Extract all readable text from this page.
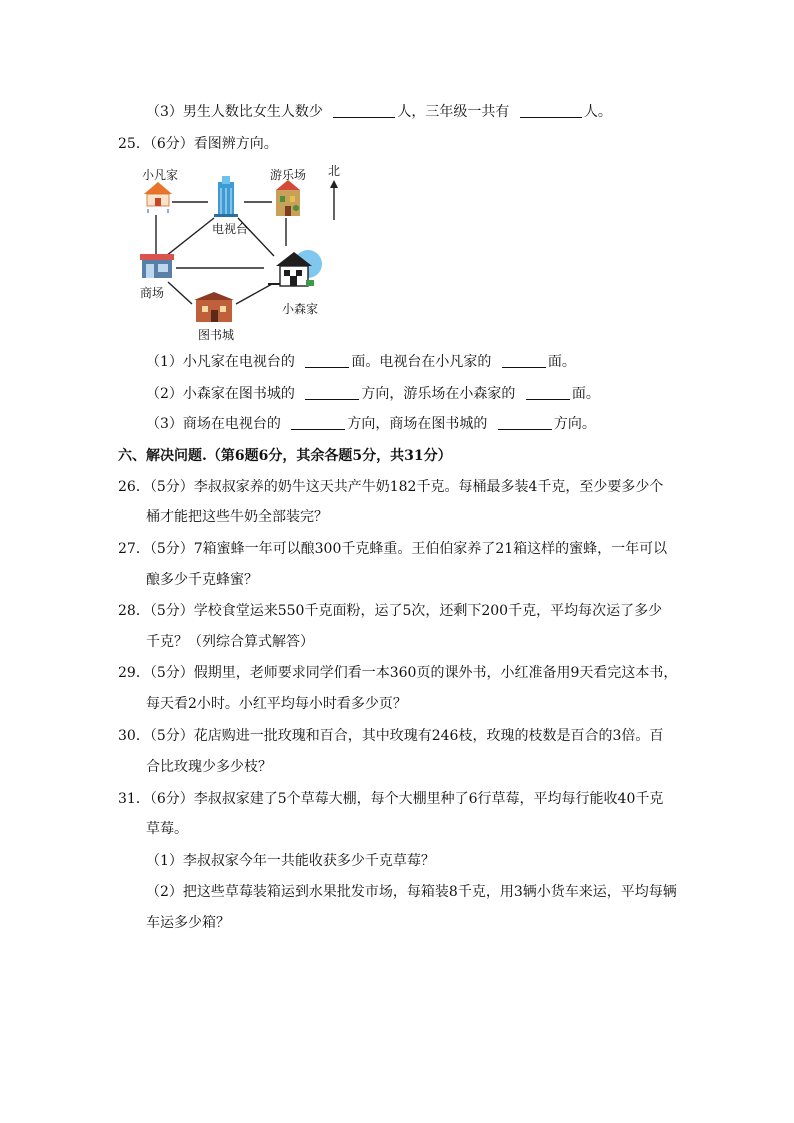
（3）男生人数比女生人数少	人，三年级一共有	人。
25．（6分）看图辨方向。
小凡家
电视台
游乐场 北
商场
小森家
图书城
（1）小凡家在电视台的	面。电视台在小凡家的	面。
（2）小森家在图书城的	方向，游乐场在小森家的	面。
（3）商场在电视台的	方向，商场在图书城的	方向。
六、解决问题.（第6题6分，其余各题5分，共31分）
26．（5分）李叔叔家养的奶牛这天共产牛奶182千克。每桶最多装4千克，至少要多少个
桶才能把这些牛奶全部装完？
27．（5分）7箱蜜蜂一年可以酿300千克蜂重。王伯伯家养了21箱这样的蜜蜂，一年可以
酿多少千克蜂蜜？
28．（5分）学校食堂运来550千克面粉，运了5次，还剩下200千克，平均每次运了多少
千克？（列综合算式解答）
29．（5分）假期里，老师要求同学们看一本360页的课外书，小红准备用9天看完这本书，
每天看2小时。小红平均每小时看多少页？
30．（5分）花店购进一批玫瑰和百合，其中玫瑰有246枝，玫瑰的枝数是百合的3倍。百
合比玫瑰少多少枝？
31．（6分）李叔叔家建了5个草莓大棚，每个大棚里种了6行草莓，平均每行能收40千克
草莓。
（1）李叔叔家今年一共能收获多少千克草莓？
（2）把这些草莓装箱运到水果批发市场，每箱装8千克，用3辆小货车来运，平均每辆
车运多少箱？
